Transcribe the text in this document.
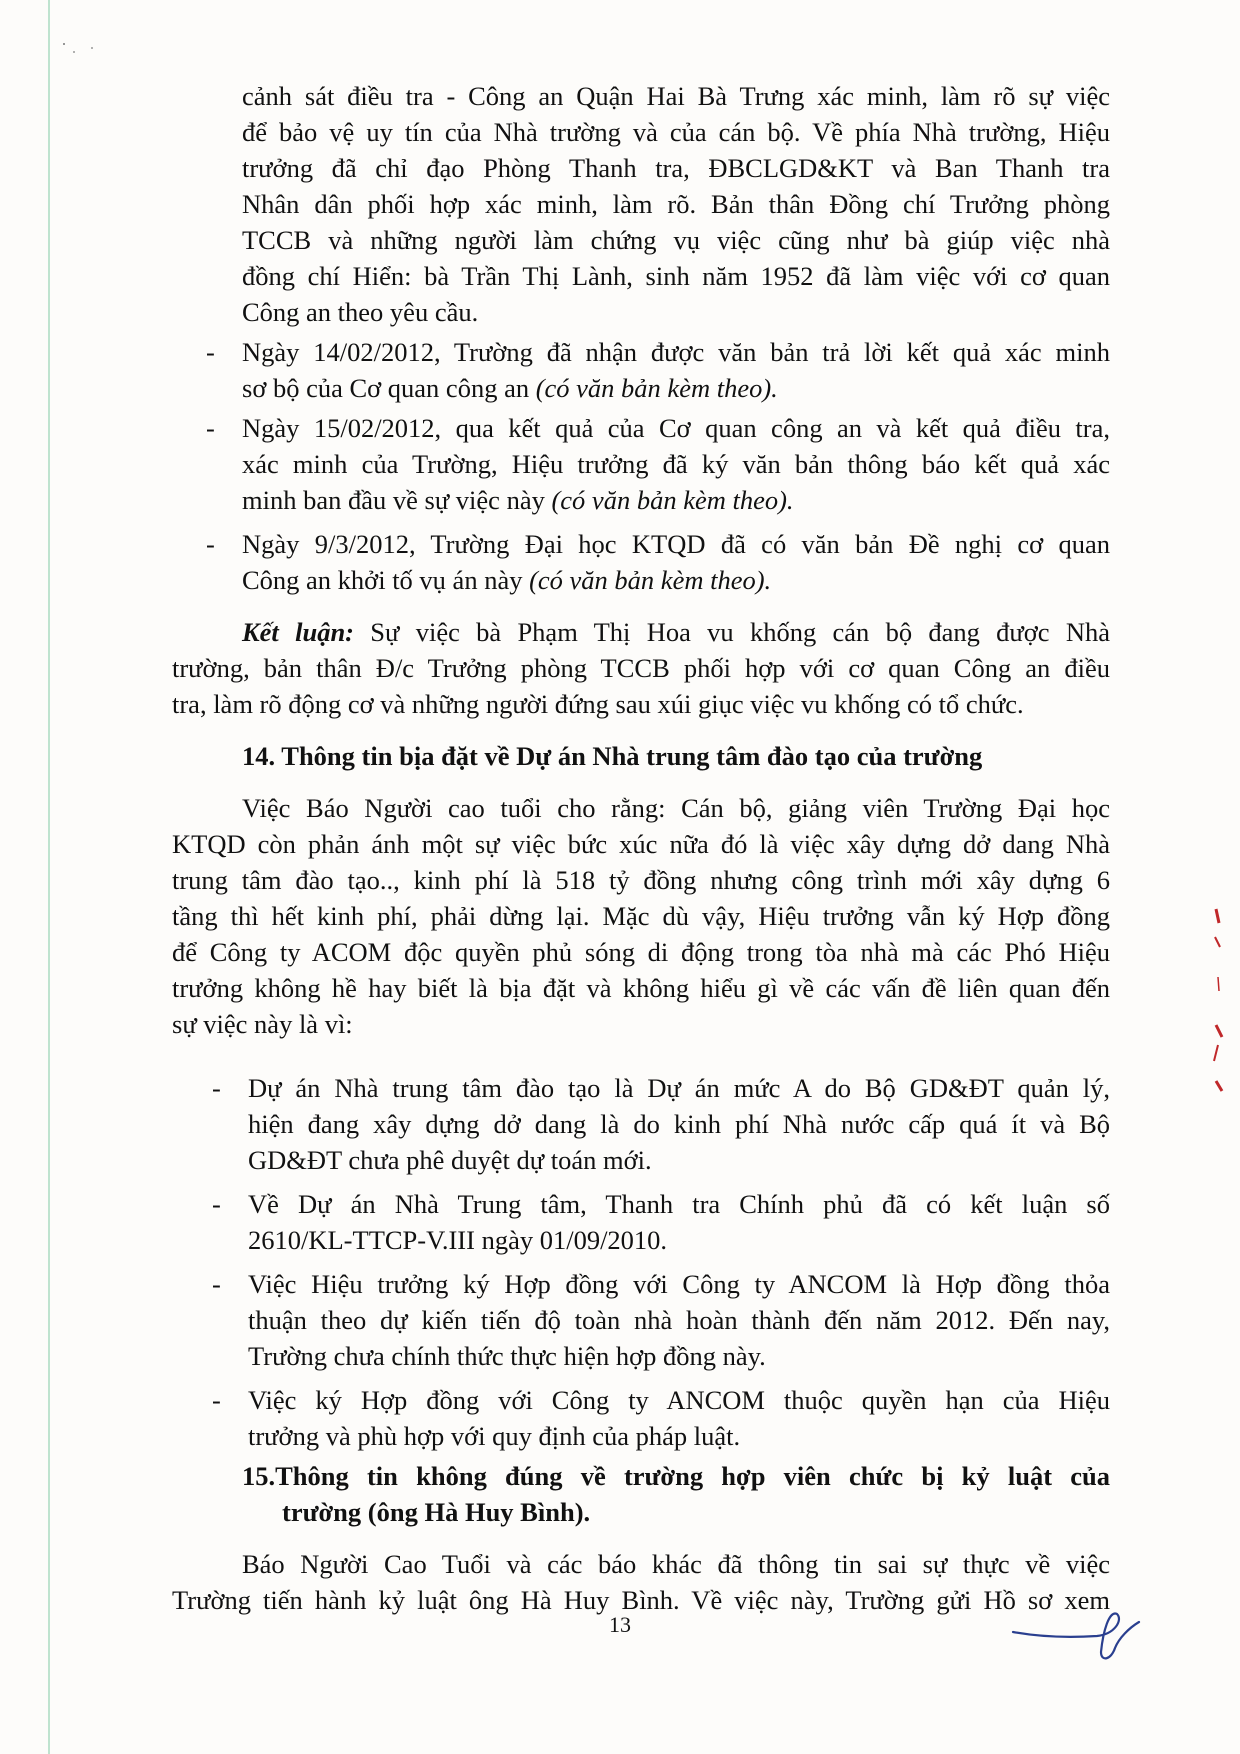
cảnh sát điều tra - Công an Quận Hai Bà Trưng xác minh, làm rõ sự việc
để bảo vệ uy tín của Nhà trường và của cán bộ. Về phía Nhà trường, Hiệu
trưởng đã chỉ đạo Phòng Thanh tra, ĐBCLGD&KT và Ban Thanh tra
Nhân dân phối hợp xác minh, làm rõ. Bản thân Đồng chí Trưởng phòng
TCCB và những người làm chứng vụ việc cũng như bà giúp việc nhà
đồng chí Hiển: bà Trần Thị Lành, sinh năm 1952 đã làm việc với cơ quan
Công an theo yêu cầu.
- Ngày 14/02/2012, Trường đã nhận được văn bản trả lời kết quả xác minh
sơ bộ của Cơ quan công an (có văn bản kèm theo).
- Ngày 15/02/2012, qua kết quả của Cơ quan công an và kết quả điều tra,
xác minh của Trường, Hiệu trưởng đã ký văn bản thông báo kết quả xác
minh ban đầu về sự việc này (có văn bản kèm theo).
- Ngày 9/3/2012, Trường Đại học KTQD đã có văn bản Đề nghị cơ quan
Công an khởi tố vụ án này (có văn bản kèm theo).
Kết luận: Sự việc bà Phạm Thị Hoa vu khống cán bộ đang được Nhà
trường, bản thân Đ/c Trưởng phòng TCCB phối hợp với cơ quan Công an điều
tra, làm rõ động cơ và những người đứng sau xúi giục việc vu khống có tổ chức.
14. Thông tin bịa đặt về Dự án Nhà trung tâm đào tạo của trường
Việc Báo Người cao tuổi cho rằng: Cán bộ, giảng viên Trường Đại học
KTQD còn phản ánh một sự việc bức xúc nữa đó là việc xây dựng dở dang Nhà
trung tâm đào tạo.., kinh phí là 518 tỷ đồng nhưng công trình mới xây dựng 6
tầng thì hết kinh phí, phải dừng lại. Mặc dù vậy, Hiệu trưởng vẫn ký Hợp đồng
để Công ty ACOM độc quyền phủ sóng di động trong tòa nhà mà các Phó Hiệu
trưởng không hề hay biết là bịa đặt và không hiểu gì về các vấn đề liên quan đến
sự việc này là vì:
- Dự án Nhà trung tâm đào tạo là Dự án mức A do Bộ GD&ĐT quản lý,
hiện đang xây dựng dở dang là do kinh phí Nhà nước cấp quá ít và Bộ
GD&ĐT chưa phê duyệt dự toán mới.
- Về Dự án Nhà Trung tâm, Thanh tra Chính phủ đã có kết luận số
2610/KL-TTCP-V.III ngày 01/09/2010.
- Việc Hiệu trưởng ký Hợp đồng với Công ty ANCOM là Hợp đồng thỏa
thuận theo dự kiến tiến độ toàn nhà hoàn thành đến năm 2012. Đến nay,
Trường chưa chính thức thực hiện hợp đồng này.
- Việc ký Hợp đồng với Công ty ANCOM thuộc quyền hạn của Hiệu
trưởng và phù hợp với quy định của pháp luật.
15.Thông tin không đúng về trường hợp viên chức bị kỷ luật của
trường (ông Hà Huy Bình).
Báo Người Cao Tuổi và các báo khác đã thông tin sai sự thực về việc
Trường tiến hành kỷ luật ông Hà Huy Bình. Về việc này, Trường gửi Hồ sơ xem
13
